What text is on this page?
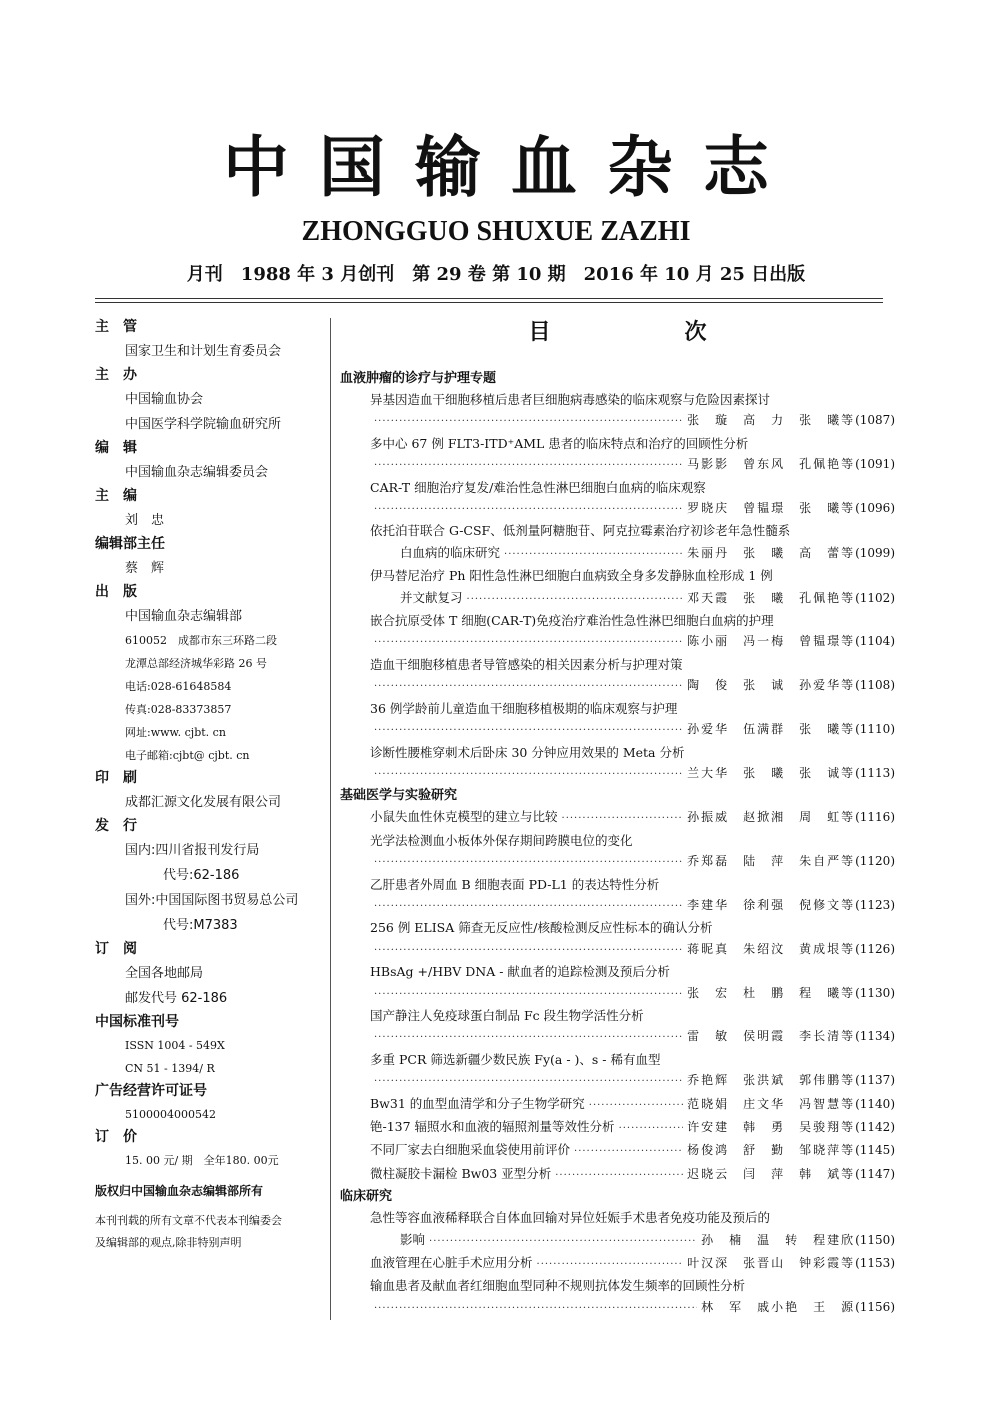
中国输血杂志
ZHONGGUO SHUXUE ZAZHI
月刊　1988 年 3 月创刊　第 29 卷 第 10 期　2016 年 10 月 25 日出版
主　管
国家卫生和计划生育委员会
主　办
中国输血协会
中国医学科学院输血研究所
编　辑
中国输血杂志编辑委员会
主　编
刘　忠
编辑部主任
蔡　辉
出　版
中国输血杂志编辑部
610052　成都市东三环路二段
龙潭总部经济城华彩路 26 号
电话:028-61648584
传真:028-83373857
网址:www. cjbt. cn
电子邮箱:cjbt@ cjbt. cn
印　刷
成都汇源文化发展有限公司
发　行
国内:四川省报刊发行局
代号:62-186
国外:中国国际图书贸易总公司
代号:M7383
订　阅
全国各地邮局
邮发代号 62-186
中国标准刊号
ISSN 1004 - 549X
CN 51 - 1394/ R
广告经营许可证号
5100004000542
订　价
15. 00 元/ 期　全年180. 00元
版权归中国输血杂志编辑部所有
本刊刊载的所有文章不代表本刊编委会
及编辑部的观点,除非特别声明
目　次
血液肿瘤的诊疗与护理专题
异基因造血干细胞移植后患者巨细胞病毒感染的临床观察与危险因素探讨
·····
张　璇　高　力　张　曦等 (1087)
多中心 67 例 FLT3-ITD⁺AML 患者的临床特点和治疗的回顾性分析
·····
马影影　曾东风　孔佩艳等 (1091)
CAR-T 细胞治疗复发/难治性急性淋巴细胞白血病的临床观察
·····
罗晓庆　曾韫璟　张　曦等 (1096)
依托泊苷联合 G-CSF、低剂量阿糖胞苷、阿克拉霉素治疗初诊老年急性髓系
白血病的临床研究 ·····	朱丽丹　张　曦　高　蕾等 (1099)
伊马替尼治疗 Ph 阳性急性淋巴细胞白血病致全身多发静脉血栓形成 1 例
并文献复习 ·····	邓天霞　张　曦　孔佩艳等 (1102)
嵌合抗原受体 T 细胞(CAR-T)免疫治疗难治性急性淋巴细胞白血病的护理
·····
陈小丽　冯一梅　曾韫璟等 (1104)
造血干细胞移植患者导管感染的相关因素分析与护理对策
·····
陶　俊　张　诚　孙爱华等 (1108)
36 例学龄前儿童造血干细胞移植极期的临床观察与护理
·····
孙爱华　伍满群　张　曦等 (1110)
诊断性腰椎穿刺术后卧床 30 分钟应用效果的 Meta 分析
·····
兰大华　张　曦　张　诚等 (1113)
基础医学与实验研究
小鼠失血性休克模型的建立与比较 ·····	孙振威　赵掀湘　周　虹等 (1116)
光学法检测血小板体外保存期间跨膜电位的变化
·····
乔郑磊　陆　萍　朱自严等 (1120)
乙肝患者外周血 B 细胞表面 PD-L1 的表达特性分析
·····
李建华　徐利强　倪修文等 (1123)
256 例 ELISA 筛查无反应性/核酸检测反应性标本的确认分析
·····
蒋昵真　朱绍汶　黄成垠等 (1126)
HBsAg +/HBV DNA - 献血者的追踪检测及预后分析
·····
张　宏　杜　鹏　程　曦等 (1130)
国产静注人免疫球蛋白制品 Fc 段生物学活性分析
·····
雷　敏　侯明霞　李长清等 (1134)
多重 PCR 筛选新疆少数民族 Fy(a - )、s - 稀有血型
·····
乔艳辉　张洪斌　郭伟鹏等 (1137)
Bw31 的血型血清学和分子生物学研究 ·····	范晓娟　庄文华　冯智慧等 (1140)
铯-137 辐照水和血液的辐照剂量等效性分析 ·····	许安建　韩　勇　吴骏翔等 (1142)
不同厂家去白细胞采血袋使用前评价 ·····	杨俊鸿　舒　勤　邹晓萍等 (1145)
微柱凝胶卡漏检 Bw03 亚型分析 ·····	迟晓云　闫　萍　韩　斌等 (1147)
临床研究
急性等容血液稀释联合自体血回输对异位妊娠手术患者免疫功能及预后的
影响 ·····	孙　楠　温　转　程建欣 (1150)
血液管理在心脏手术应用分析 ·····	叶汉深　张晋山　钟彩霞等 (1153)
输血患者及献血者红细胞血型同种不规则抗体发生频率的回顾性分析
·····
林　军　戚小艳　王　源 (1156)
